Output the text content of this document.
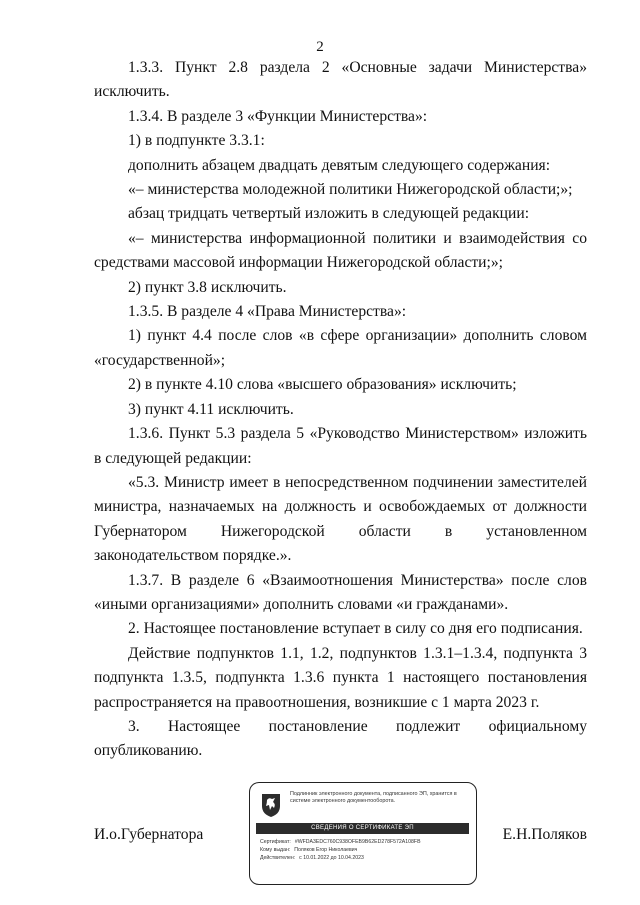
2

1.3.3. Пункт 2.8 раздела 2 «Основные задачи Министерства» исключить.

1.3.4. В разделе 3 «Функции Министерства»:

1) в подпункте 3.3.1:

дополнить абзацем двадцать девятым следующего содержания:

«– министерства молодежной политики Нижегородской области;»;

абзац тридцать четвертый изложить в следующей редакции:

«– министерства информационной политики и взаимодействия со средствами массовой информации Нижегородской области;»;

2) пункт 3.8 исключить.

1.3.5. В разделе 4 «Права Министерства»:

1) пункт 4.4 после слов «в сфере организации» дополнить словом «государственной»;

2) в пункте 4.10 слова «высшего образования» исключить;

3) пункт 4.11 исключить.

1.3.6. Пункт 5.3 раздела 5 «Руководство Министерством» изложить в следующей редакции:

«5.3. Министр имеет в непосредственном подчинении заместителей министра, назначаемых на должность и освобождаемых от должности Губернатором Нижегородской области в установленном законодательством порядке.».

1.3.7. В разделе 6 «Взаимоотношения Министерства» после слов «иными организациями» дополнить словами «и гражданами».

2. Настоящее постановление вступает в силу со дня его подписания.

Действие подпунктов 1.1, 1.2, подпунктов 1.3.1–1.3.4, подпункта 3 подпункта 1.3.5, подпункта 1.3.6 пункта 1 настоящего постановления распространяется на правоотношения, возникшие с 1 марта 2023 г.

3. Настоящее постановление подлежит официальному опубликованию.

И.о.Губернатора	Е.Н.Поляков
Подлинник электронного документа, подписанного ЭП, хранится в системе электронного документооборота.
СВЕДЕНИЯ О СЕРТИФИКАТЕ ЭП
Сертификат: #WFDA3EDC760C938OFEB9B62ED278F572A108FB
Кому выдан: Поляков Егор Николаевич
Действителен: с 10.01.2022 до 10.04.2023
